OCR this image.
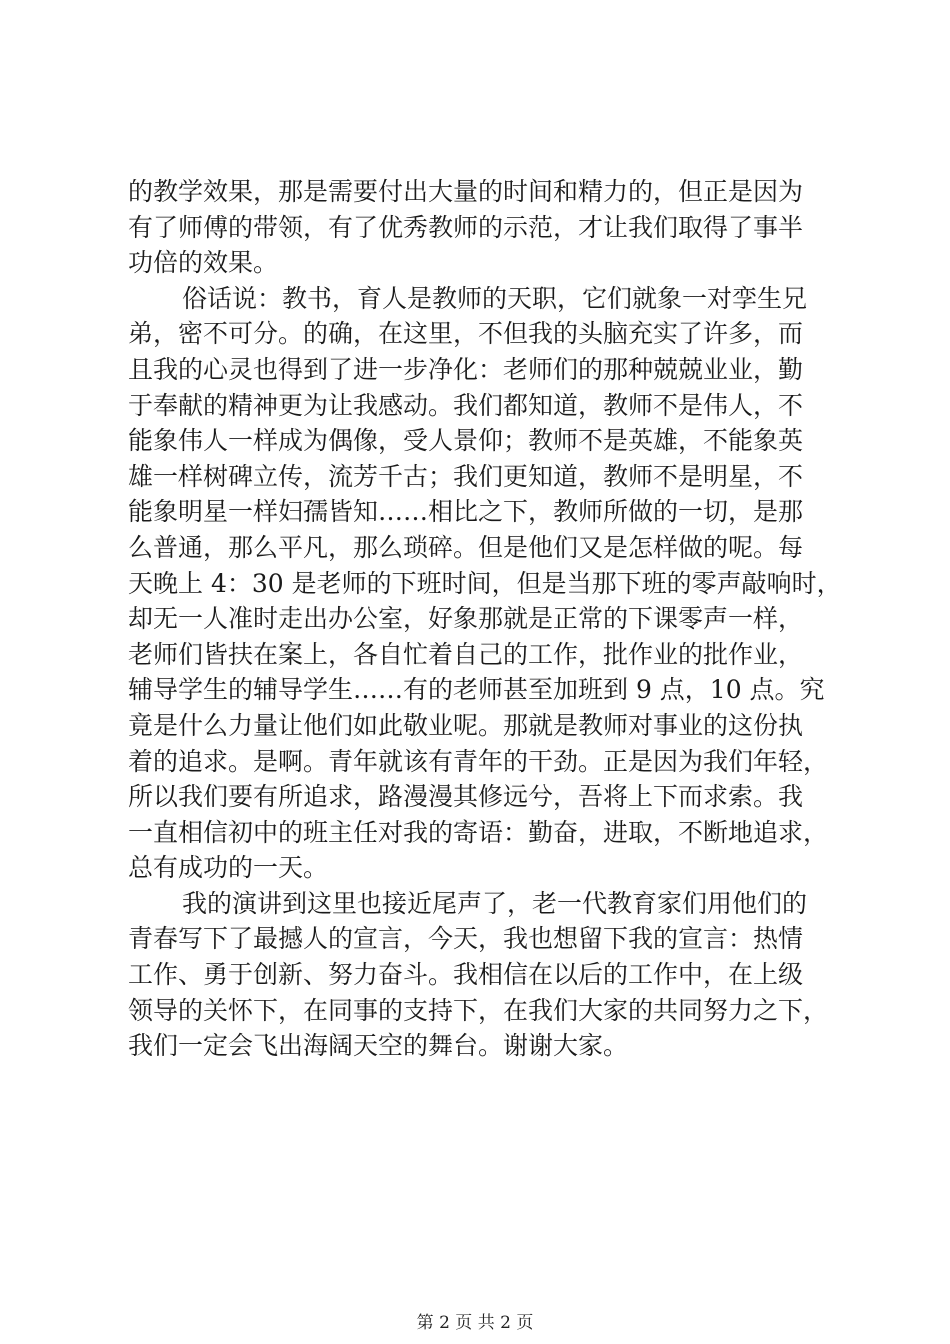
的教学效果，那是需要付出大量的时间和精力的，但正是因为
有了师傅的带领，有了优秀教师的示范，才让我们取得了事半
功倍的效果。
俗话说：教书，育人是教师的天职，它们就象一对孪生兄
弟，密不可分。的确，在这里，不但我的头脑充实了许多，而
且我的心灵也得到了进一步净化：老师们的那种兢兢业业，勤
于奉献的精神更为让我感动。我们都知道，教师不是伟人，不
能象伟人一样成为偶像，受人景仰；教师不是英雄，不能象英
雄一样树碑立传，流芳千古；我们更知道，教师不是明星，不
能象明星一样妇孺皆知……相比之下，教师所做的一切，是那
么普通，那么平凡，那么琐碎。但是他们又是怎样做的呢。每
天晚上 4：30 是老师的下班时间，但是当那下班的零声敲响时，
却无一人准时走出办公室，好象那就是正常的下课零声一样，
老师们皆扶在案上，各自忙着自己的工作，批作业的批作业，
辅导学生的辅导学生……有的老师甚至加班到 9 点，10 点。究
竟是什么力量让他们如此敬业呢。那就是教师对事业的这份执
着的追求。是啊。青年就该有青年的干劲。正是因为我们年轻，
所以我们要有所追求，路漫漫其修远兮，吾将上下而求索。我
一直相信初中的班主任对我的寄语：勤奋，进取，不断地追求，
总有成功的一天。
我的演讲到这里也接近尾声了，老一代教育家们用他们的
青春写下了最撼人的宣言，今天，我也想留下我的宣言：热情
工作、勇于创新、努力奋斗。我相信在以后的工作中，在上级
领导的关怀下，在同事的支持下，在我们大家的共同努力之下，
我们一定会飞出海阔天空的舞台。谢谢大家。
第 2 页 共 2 页
